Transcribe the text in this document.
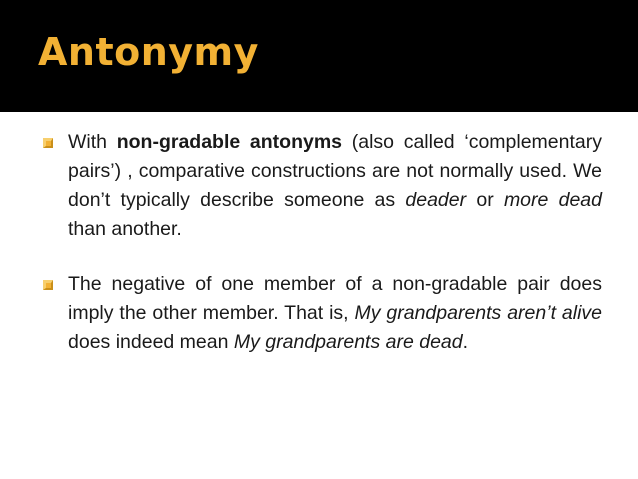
Antonymy
With non-gradable antonyms (also called ‘complementary pairs’) , comparative constructions are not normally used. We don’t typically describe someone as deader or more dead than another.
The negative of one member of a non-gradable pair does imply the other member. That is, My grandparents aren’t alive does indeed mean My grandparents are dead.
